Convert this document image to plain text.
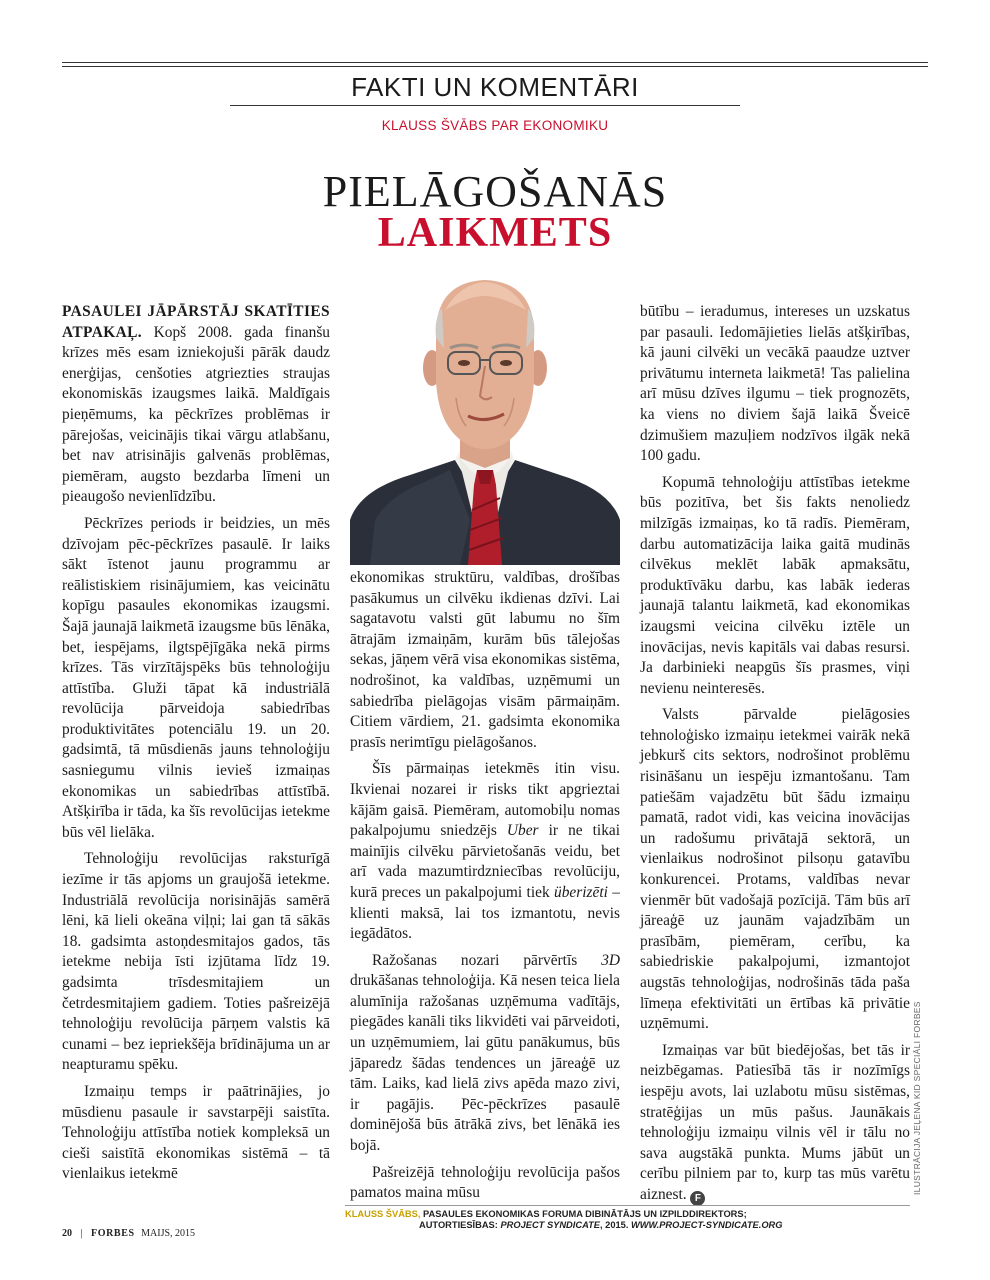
FAKTI UN KOMENTĀRI
KLAUSS ŠVĀBS PAR EKONOMIKU
PIELĀGOŠANĀS
LAIKMETS

PASAULEI JĀPĀRSTĀJ SKATĪTIES ATPAKAĻ. Kopš 2008. gada finanšu krīzes mēs esam izniekojuši pārāk daudz enerģijas, cenšoties atgriezties straujas ekonomiskās izaugsmes laikā. Maldīgais pieņēmums, ka pēckrīzes problēmas ir pārejošas, veicinājis tikai vārgu atlabšanu, bet nav atrisinājis galvenās problēmas, piemēram, augsto bezdarba līmeni un pieaugošo nevienlīdzību.

Pēckrīzes periods ir beidzies, un mēs dzīvojam pēc-pēckrīzes pasaulē. Ir laiks sākt īstenot jaunu programmu ar reālistiskiem risinājumiem, kas veicinātu kopīgu pasaules ekonomikas izaugsmi. Šajā jaunajā laikmetā izaugsme būs lēnāka, bet, iespējams, ilgtspējīgāka nekā pirms krīzes. Tās virzītājspēks būs tehnoloģiju attīstība. Gluži tāpat kā industriālā revolūcija pārveidoja sabiedrības produktivitātes potenciālu 19. un 20. gadsimtā, tā mūsdienās jauns tehnoloģiju sasniegumu vilnis ievieš izmaiņas ekonomikas un sabiedrības attīstībā. Atšķirība ir tāda, ka šīs revolūcijas ietekme būs vēl lielāka.

Tehnoloģiju revolūcijas raksturīgā iezīme ir tās apjoms un graujošā ietekme. Industriālā revolūcija norisinājās samērā lēni, kā lieli okeāna viļņi; lai gan tā sākās 18. gadsimta astoņdesmitajos gados, tās ietekme nebija īsti izjūtama līdz 19. gadsimta trīsdesmitajiem un četrdesmitajiem gadiem. Toties pašreizējā tehnoloģiju revolūcija pārņem valstis kā cunami – bez iepriekšēja brīdinājuma un ar neapturamu spēku.

Izmaiņu temps ir paātrinājies, jo mūsdienu pasaule ir savstarpēji saistīta. Tehnoloģiju attīstība notiek kompleksā un cieši saistītā ekonomikas sistēmā – tā vienlaikus ietekmē

ekonomikas struktūru, valdības, drošības pasākumus un cilvēku ikdienas dzīvi. Lai sagatavotu valsti gūt labumu no šīm ātrajām izmaiņām, kurām būs tālejošas sekas, jāņem vērā visa ekonomikas sistēma, nodrošinot, ka valdības, uzņēmumi un sabiedrība pielāgojas visām pārmaiņām. Citiem vārdiem, 21. gadsimta ekonomika prasīs nerimtīgu pielāgošanos.

Šīs pārmaiņas ietekmēs itin visu. Ikvienai nozarei ir risks tikt apgrieztai kājām gaisā. Piemēram, automobiļu nomas pakalpojumu sniedzējs Uber ir ne tikai mainījis cilvēku pārvietošanās veidu, bet arī vada mazumtirdzniecības revolūciju, kurā preces un pakalpojumi tiek überizēti – klienti maksā, lai tos izmantotu, nevis iegādātos.

Ražošanas nozari pārvērtīs 3D drukāšanas tehnoloģija. Kā nesen teica liela alumīnija ražošanas uzņēmuma vadītājs, piegādes kanāli tiks likvidēti vai pārveidoti, un uzņēmumiem, lai gūtu panākumus, būs jāparedz šādas tendences un jāreaģē uz tām. Laiks, kad lielā zivs apēda mazo zivi, ir pagājis. Pēc-pēckrīzes pasaulē dominējošā būs ātrākā zivs, bet lēnākā ies bojā.

Pašreizējā tehnoloģiju revolūcija pašos pamatos maina mūsu

būtību – ieradumus, intereses un uzskatus par pasauli. Iedomājieties lielās atšķirības, kā jauni cilvēki un vecākā paaudze uztver privātumu interneta laikmetā! Tas palielina arī mūsu dzīves ilgumu – tiek prognozēts, ka viens no diviem šajā laikā Šveicē dzimušiem mazuļiem nodzīvos ilgāk nekā 100 gadu.

Kopumā tehnoloģiju attīstības ietekme būs pozitīva, bet šis fakts nenoliedz milzīgās izmaiņas, ko tā radīs. Piemēram, darbu automatizācija laika gaitā mudinās cilvēkus meklēt labāk apmaksātu, produktīvāku darbu, kas labāk iederas jaunajā talantu laikmetā, kad ekonomikas izaugsmi veicina cilvēku iztēle un inovācijas, nevis kapitāls vai dabas resursi. Ja darbinieki neapgūs šīs prasmes, viņi nevienu neinteresēs.

Valsts pārvalde pielāgosies tehnoloģisko izmaiņu ietekmei vairāk nekā jebkurš cits sektors, nodrošinot problēmu risināšanu un iespēju izmantošanu. Tam patiešām vajadzētu būt šādu izmaiņu pamatā, radot vidi, kas veicina inovācijas un radošumu privātajā sektorā, un vienlaikus nodrošinot pilsoņu gatavību konkurencei. Protams, valdības nevar vienmēr būt vadošajā pozīcijā. Tām būs arī jāreaģē uz jaunām vajadzībām un prasībām, piemēram, cerību, ka sabiedriskie pakalpojumi, izmantojot augstās tehnoloģijas, nodrošinās tāda paša līmeņa efektivitāti un ērtības kā privātie uzņēmumi.

Izmaiņas var būt biedējošas, bet tās ir neizbēgamas. Patiesībā tās ir nozīmīgs iespēju avots, lai uzlabotu mūsu sistēmas, stratēģijas un mūs pašus. Jaunākais tehnoloģiju izmaiņu vilnis vēl ir tālu no sava augstākā punkta. Mums jābūt un cerību pilniem par to, kurp tas mūs varētu aiznest. F

ILUSTRĀCIJA JEĻENA KID SPECIĀLI FORBES
KLAUSS ŠVĀBS, PASAULES EKONOMIKAS FORUMA DIBINĀTĀJS UN IZPILDDIREKTORS;
AUTORTIESĪBAS: PROJECT SYNDICATE, 2015. WWW.PROJECT-SYNDICATE.ORG
20 | FORBES MAIJS, 2015
